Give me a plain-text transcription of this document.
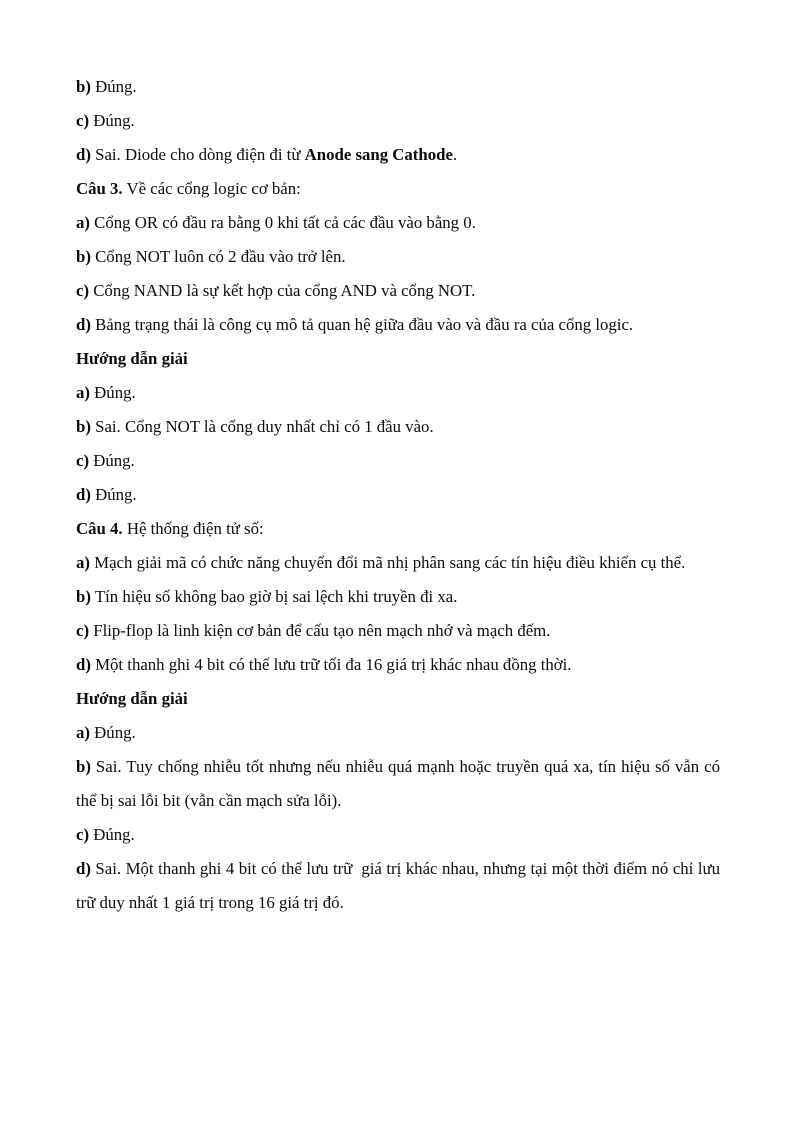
b) Đúng.
c) Đúng.
d) Sai. Diode cho dòng điện đi từ Anode sang Cathode.
Câu 3. Về các cổng logic cơ bản:
a) Cổng OR có đầu ra bằng 0 khi tất cả các đầu vào bằng 0.
b) Cổng NOT luôn có 2 đầu vào trở lên.
c) Cổng NAND là sự kết hợp của cổng AND và cổng NOT.
d) Bảng trạng thái là công cụ mô tả quan hệ giữa đầu vào và đầu ra của cổng logic.
Hướng dẫn giải
a) Đúng.
b) Sai. Cổng NOT là cổng duy nhất chỉ có 1 đầu vào.
c) Đúng.
d) Đúng.
Câu 4. Hệ thống điện tử số:
a) Mạch giải mã có chức năng chuyển đổi mã nhị phân sang các tín hiệu điều khiển cụ thể.
b) Tín hiệu số không bao giờ bị sai lệch khi truyền đi xa.
c) Flip-flop là linh kiện cơ bản để cấu tạo nên mạch nhớ và mạch đếm.
d) Một thanh ghi 4 bit có thể lưu trữ tối đa 16 giá trị khác nhau đồng thời.
Hướng dẫn giải
a) Đúng.
b) Sai. Tuy chống nhiễu tốt nhưng nếu nhiễu quá mạnh hoặc truyền quá xa, tín hiệu số vẫn có thể bị sai lỗi bit (vẫn cần mạch sửa lỗi).
c) Đúng.
d) Sai. Một thanh ghi 4 bit có thể lưu trữ  giá trị khác nhau, nhưng tại một thời điểm nó chỉ lưu trữ duy nhất 1 giá trị trong 16 giá trị đó.
